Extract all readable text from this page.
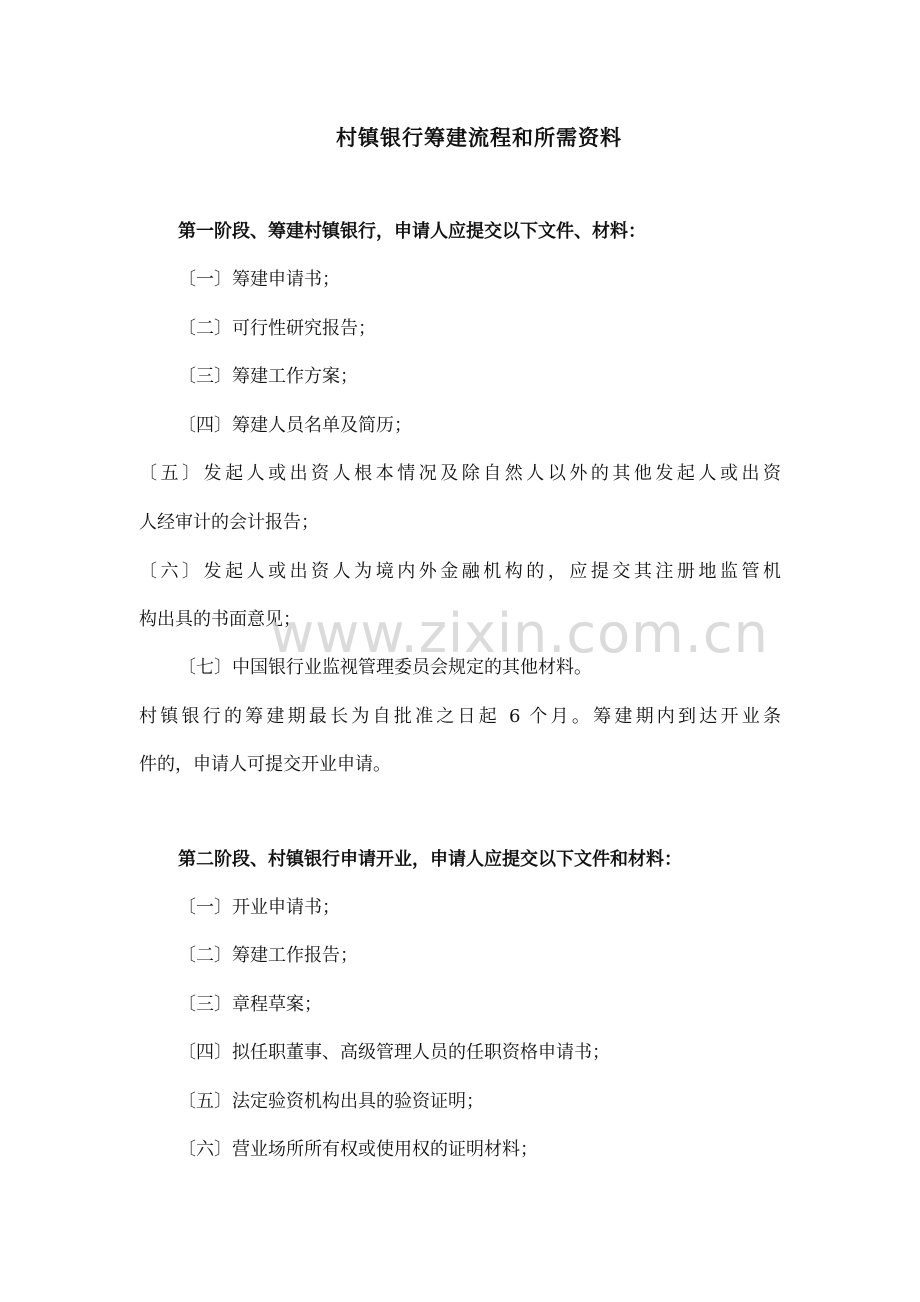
村镇银行筹建流程和所需资料
第一阶段、筹建村镇银行，申请人应提交以下文件、材料：
〔一〕筹建申请书；
〔二〕可行性研究报告；
〔三〕筹建工作方案；
〔四〕筹建人员名单及简历；
〔五〕发起人或出资人根本情况及除自然人以外的其他发起人或出资
人经审计的会计报告；
〔六〕发起人或出资人为境内外金融机构的，应提交其注册地监管机
构出具的书面意见；
〔七〕中国银行业监视管理委员会规定的其他材料。
村镇银行的筹建期最长为自批准之日起 6 个月。筹建期内到达开业条
件的，申请人可提交开业申请。
第二阶段、村镇银行申请开业，申请人应提交以下文件和材料：
〔一〕开业申请书；
〔二〕筹建工作报告；
〔三〕章程草案；
〔四〕拟任职董事、高级管理人员的任职资格申请书；
〔五〕法定验资机构出具的验资证明；
〔六〕营业场所所有权或使用权的证明材料；
www.zixin.com.cn
